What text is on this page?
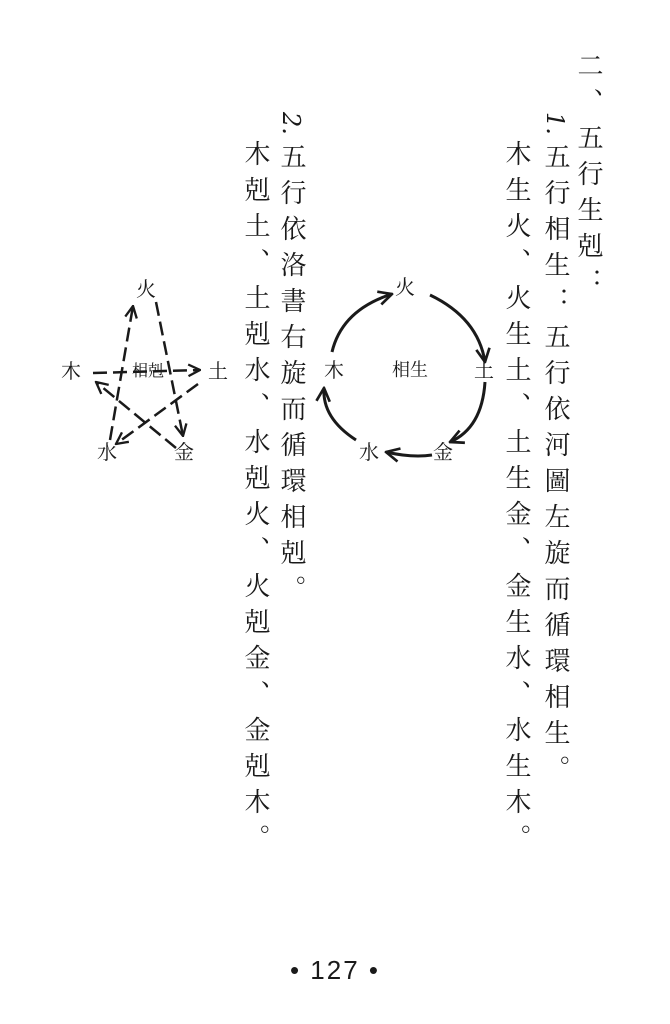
二、五行生剋：
1.五行相生：五行依河圖左旋而循環相生。
木生火、火生土、土生金、金生水、水生木。
2.五行依洛書右旋而循環相剋。
木剋土、土剋水、水剋火、火剋金、金剋木。	火
土
金
水
木	相生
火
土
金
水
木	相剋
• 127 •
